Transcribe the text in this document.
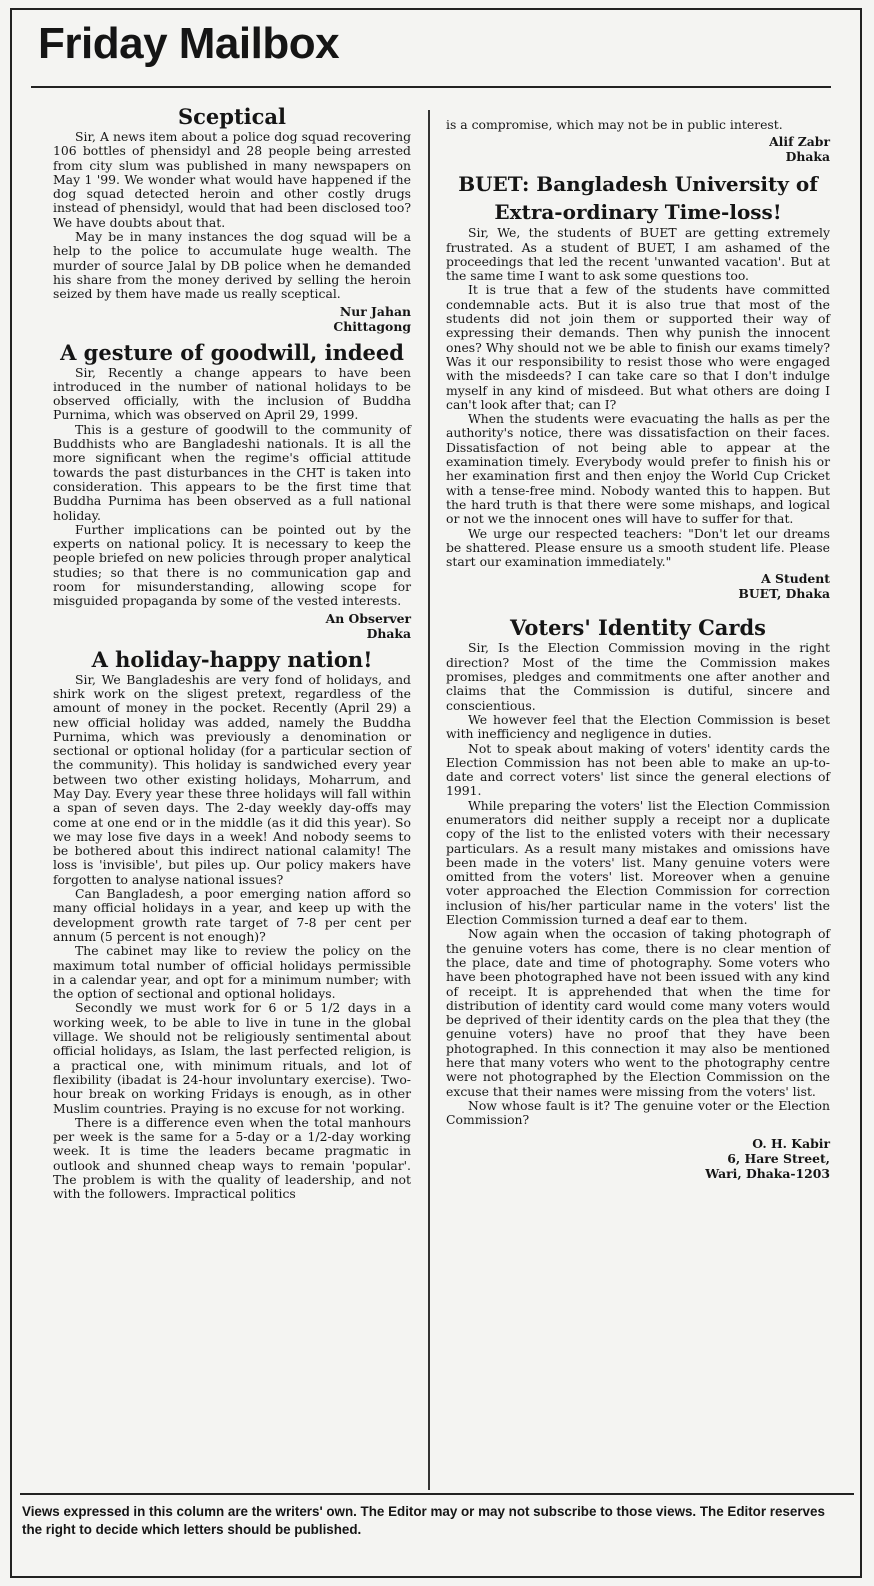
Friday Mailbox
Sceptical

Sir, A news item about a police dog squad recovering 106 bottles of phensidyl and 28 people being arrested from city slum was published in many newspapers on May 1 '99. We wonder what would have happened if the dog squad detected heroin and other costly drugs instead of phensidyl, would that had been disclosed too? We have doubts about that.

May be in many instances the dog squad will be a help to the police to accumulate huge wealth. The murder of source Jalal by DB police when he demanded his share from the money derived by selling the heroin seized by them have made us really sceptical.

Nur Jahan
Chittagong
A gesture of goodwill, indeed

Sir, Recently a change appears to have been introduced in the number of national holidays to be observed officially, with the inclusion of Buddha Purnima, which was observed on April 29, 1999.

This is a gesture of goodwill to the community of Buddhists who are Bangladeshi nationals. It is all the more significant when the regime's official attitude towards the past disturbances in the CHT is taken into consideration. This appears to be the first time that Buddha Purnima has been observed as a full national holiday.

Further implications can be pointed out by the experts on national policy. It is necessary to keep the people briefed on new policies through proper analytical studies; so that there is no communication gap and room for misunderstanding, allowing scope for misguided propaganda by some of the vested interests.

An Observer
Dhaka
A holiday-happy nation!

Sir, We Bangladeshis are very fond of holidays, and shirk work on the sligest pretext, regardless of the amount of money in the pocket. Recently (April 29) a new official holiday was added, namely the Buddha Purnima, which was previously a denomination or sectional or optional holiday (for a particular section of the community). This holiday is sandwiched every year between two other existing holidays, Moharrum, and May Day. Every year these three holidays will fall within a span of seven days. The 2-day weekly day-offs may come at one end or in the middle (as it did this year). So we may lose five days in a week! And nobody seems to be bothered about this indirect national calamity! The loss is 'invisible', but piles up. Our policy makers have forgotten to analyse national issues?

Can Bangladesh, a poor emerging nation afford so many official holidays in a year, and keep up with the development growth rate target of 7-8 per cent per annum (5 percent is not enough)?

The cabinet may like to review the policy on the maximum total number of official holidays permissible in a calendar year, and opt for a minimum number; with the option of sectional and optional holidays.

Secondly we must work for 6 or 5 1/2 days in a working week, to be able to live in tune in the global village. We should not be religiously sentimental about official holidays, as Islam, the last perfected religion, is a practical one, with minimum rituals, and lot of flexibility (ibadat is 24-hour involuntary exercise). Two-hour break on working Fridays is enough, as in other Muslim countries. Praying is no excuse for not working.

There is a difference even when the total manhours per week is the same for a 5-day or a 1/2-day working week. It is time the leaders became pragmatic in outlook and shunned cheap ways to remain 'popular'. The problem is with the quality of leadership, and not with the followers. Impractical politics

is a compromise, which may not be in public interest.

Alif Zabr
Dhaka
BUET: Bangladesh University of Extra-ordinary Time-loss!

Sir, We, the students of BUET are getting extremely frustrated. As a student of BUET, I am ashamed of the proceedings that led the recent 'unwanted vacation'. But at the same time I want to ask some questions too.

It is true that a few of the students have committed condemnable acts. But it is also true that most of the students did not join them or supported their way of expressing their demands. Then why punish the innocent ones? Why should not we be able to finish our exams timely? Was it our responsibility to resist those who were engaged with the misdeeds? I can take care so that I don't indulge myself in any kind of misdeed. But what others are doing I can't look after that; can I?

When the students were evacuating the halls as per the authority's notice, there was dissatisfaction on their faces. Dissatisfaction of not being able to appear at the examination timely. Everybody would prefer to finish his or her examination first and then enjoy the World Cup Cricket with a tense-free mind. Nobody wanted this to happen. But the hard truth is that there were some mishaps, and logical or not we the innocent ones will have to suffer for that.

We urge our respected teachers: "Don't let our dreams be shattered. Please ensure us a smooth student life. Please start our examination immediately."

A Student
BUET, Dhaka
Voters' Identity Cards

Sir, Is the Election Commission moving in the right direction? Most of the time the Commission makes promises, pledges and commitments one after another and claims that the Commission is dutiful, sincere and conscientious.

We however feel that the Election Commission is beset with inefficiency and negligence in duties.

Not to speak about making of voters' identity cards the Election Commission has not been able to make an up-to-date and correct voters' list since the general elections of 1991.

While preparing the voters' list the Election Commission enumerators did neither supply a receipt nor a duplicate copy of the list to the enlisted voters with their necessary particulars. As a result many mistakes and omissions have been made in the voters' list. Many genuine voters were omitted from the voters' list. Moreover when a genuine voter approached the Election Commission for correction inclusion of his/her particular name in the voters' list the Election Commission turned a deaf ear to them.

Now again when the occasion of taking photograph of the genuine voters has come, there is no clear mention of the place, date and time of photography. Some voters who have been photographed have not been issued with any kind of receipt. It is apprehended that when the time for distribution of identity card would come many voters would be deprived of their identity cards on the plea that they (the genuine voters) have no proof that they have been photographed. In this connection it may also be mentioned here that many voters who went to the photography centre were not photographed by the Election Commission on the excuse that their names were missing from the voters' list.

Now whose fault is it? The genuine voter or the Election Commission?

O. H. Kabir
6, Hare Street,
Wari, Dhaka-1203

Views expressed in this column are the writers' own. The Editor may or may not subscribe to those views. The Editor reserves the right to decide which letters should be published.
